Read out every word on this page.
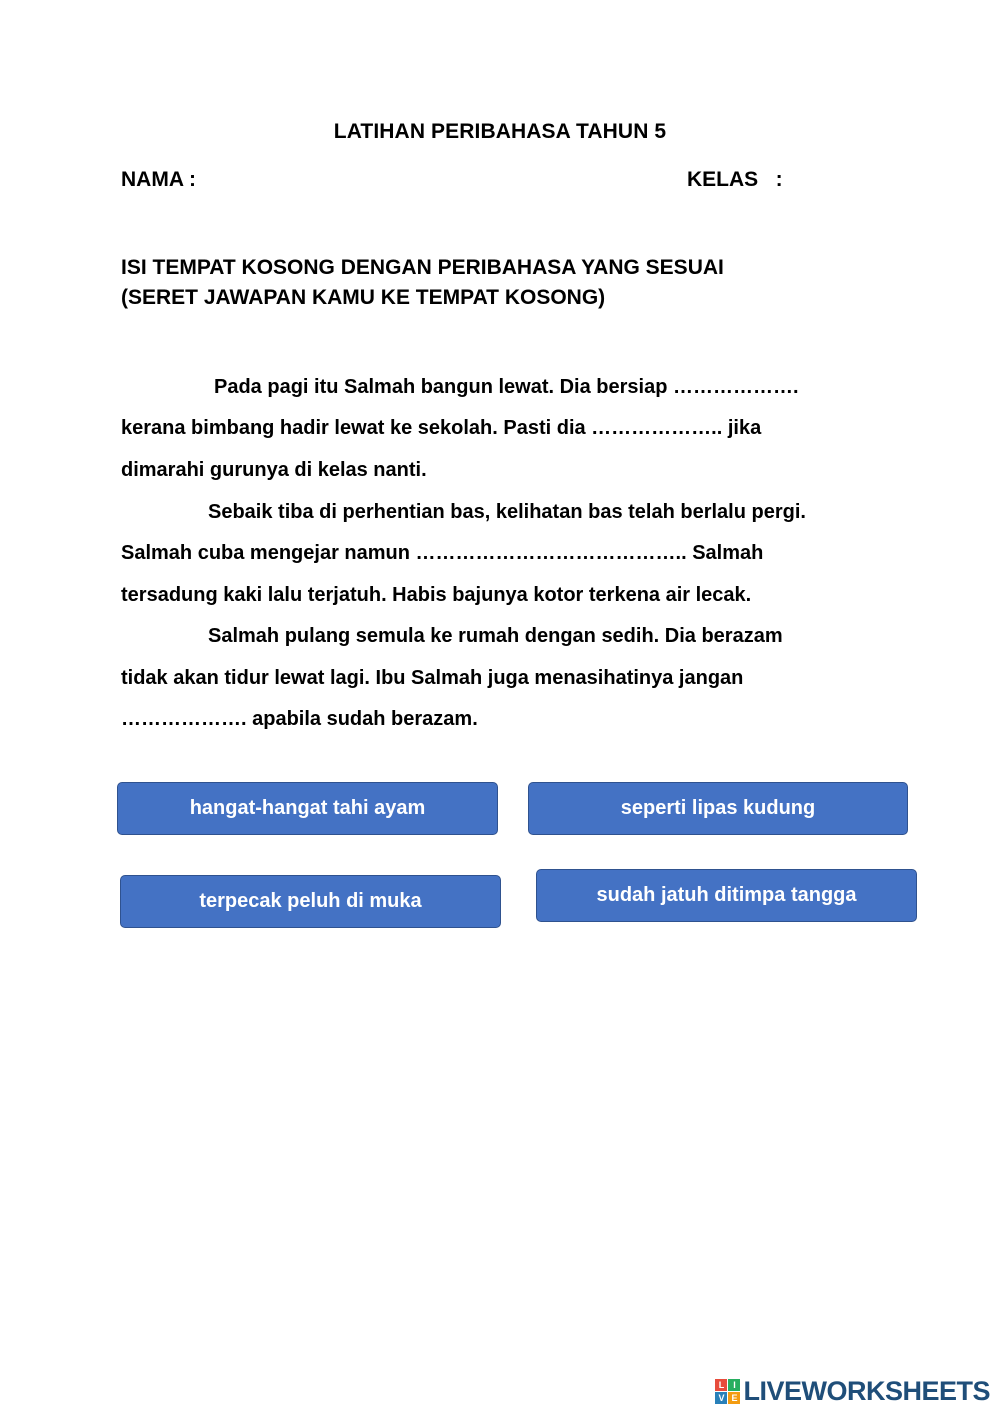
LATIHAN PERIBAHASA TAHUN 5
NAMA :	KELAS   :
ISI TEMPAT KOSONG DENGAN PERIBAHASA YANG SESUAI
(SERET JAWAPAN KAMU KE TEMPAT KOSONG)
Pada pagi itu Salmah bangun lewat. Dia bersiap ……………….
kerana bimbang hadir lewat ke sekolah. Pasti dia ……………….. jika
dimarahi gurunya di kelas nanti.
Sebaik tiba di perhentian bas, kelihatan bas telah berlalu pergi.
Salmah cuba mengejar namun ………………………………….. Salmah
tersadung kaki lalu terjatuh. Habis bajunya kotor terkena air lecak.
Salmah pulang semula ke rumah dengan sedih. Dia berazam
tidak akan tidur lewat lagi. Ibu Salmah juga menasihatinya jangan
………………. apabila sudah berazam.
hangat-hangat tahi ayam	seperti lipas kudung
terpecak peluh di muka	sudah jatuh ditimpa tangga
L I
V E LIVEWORKSHEETS
